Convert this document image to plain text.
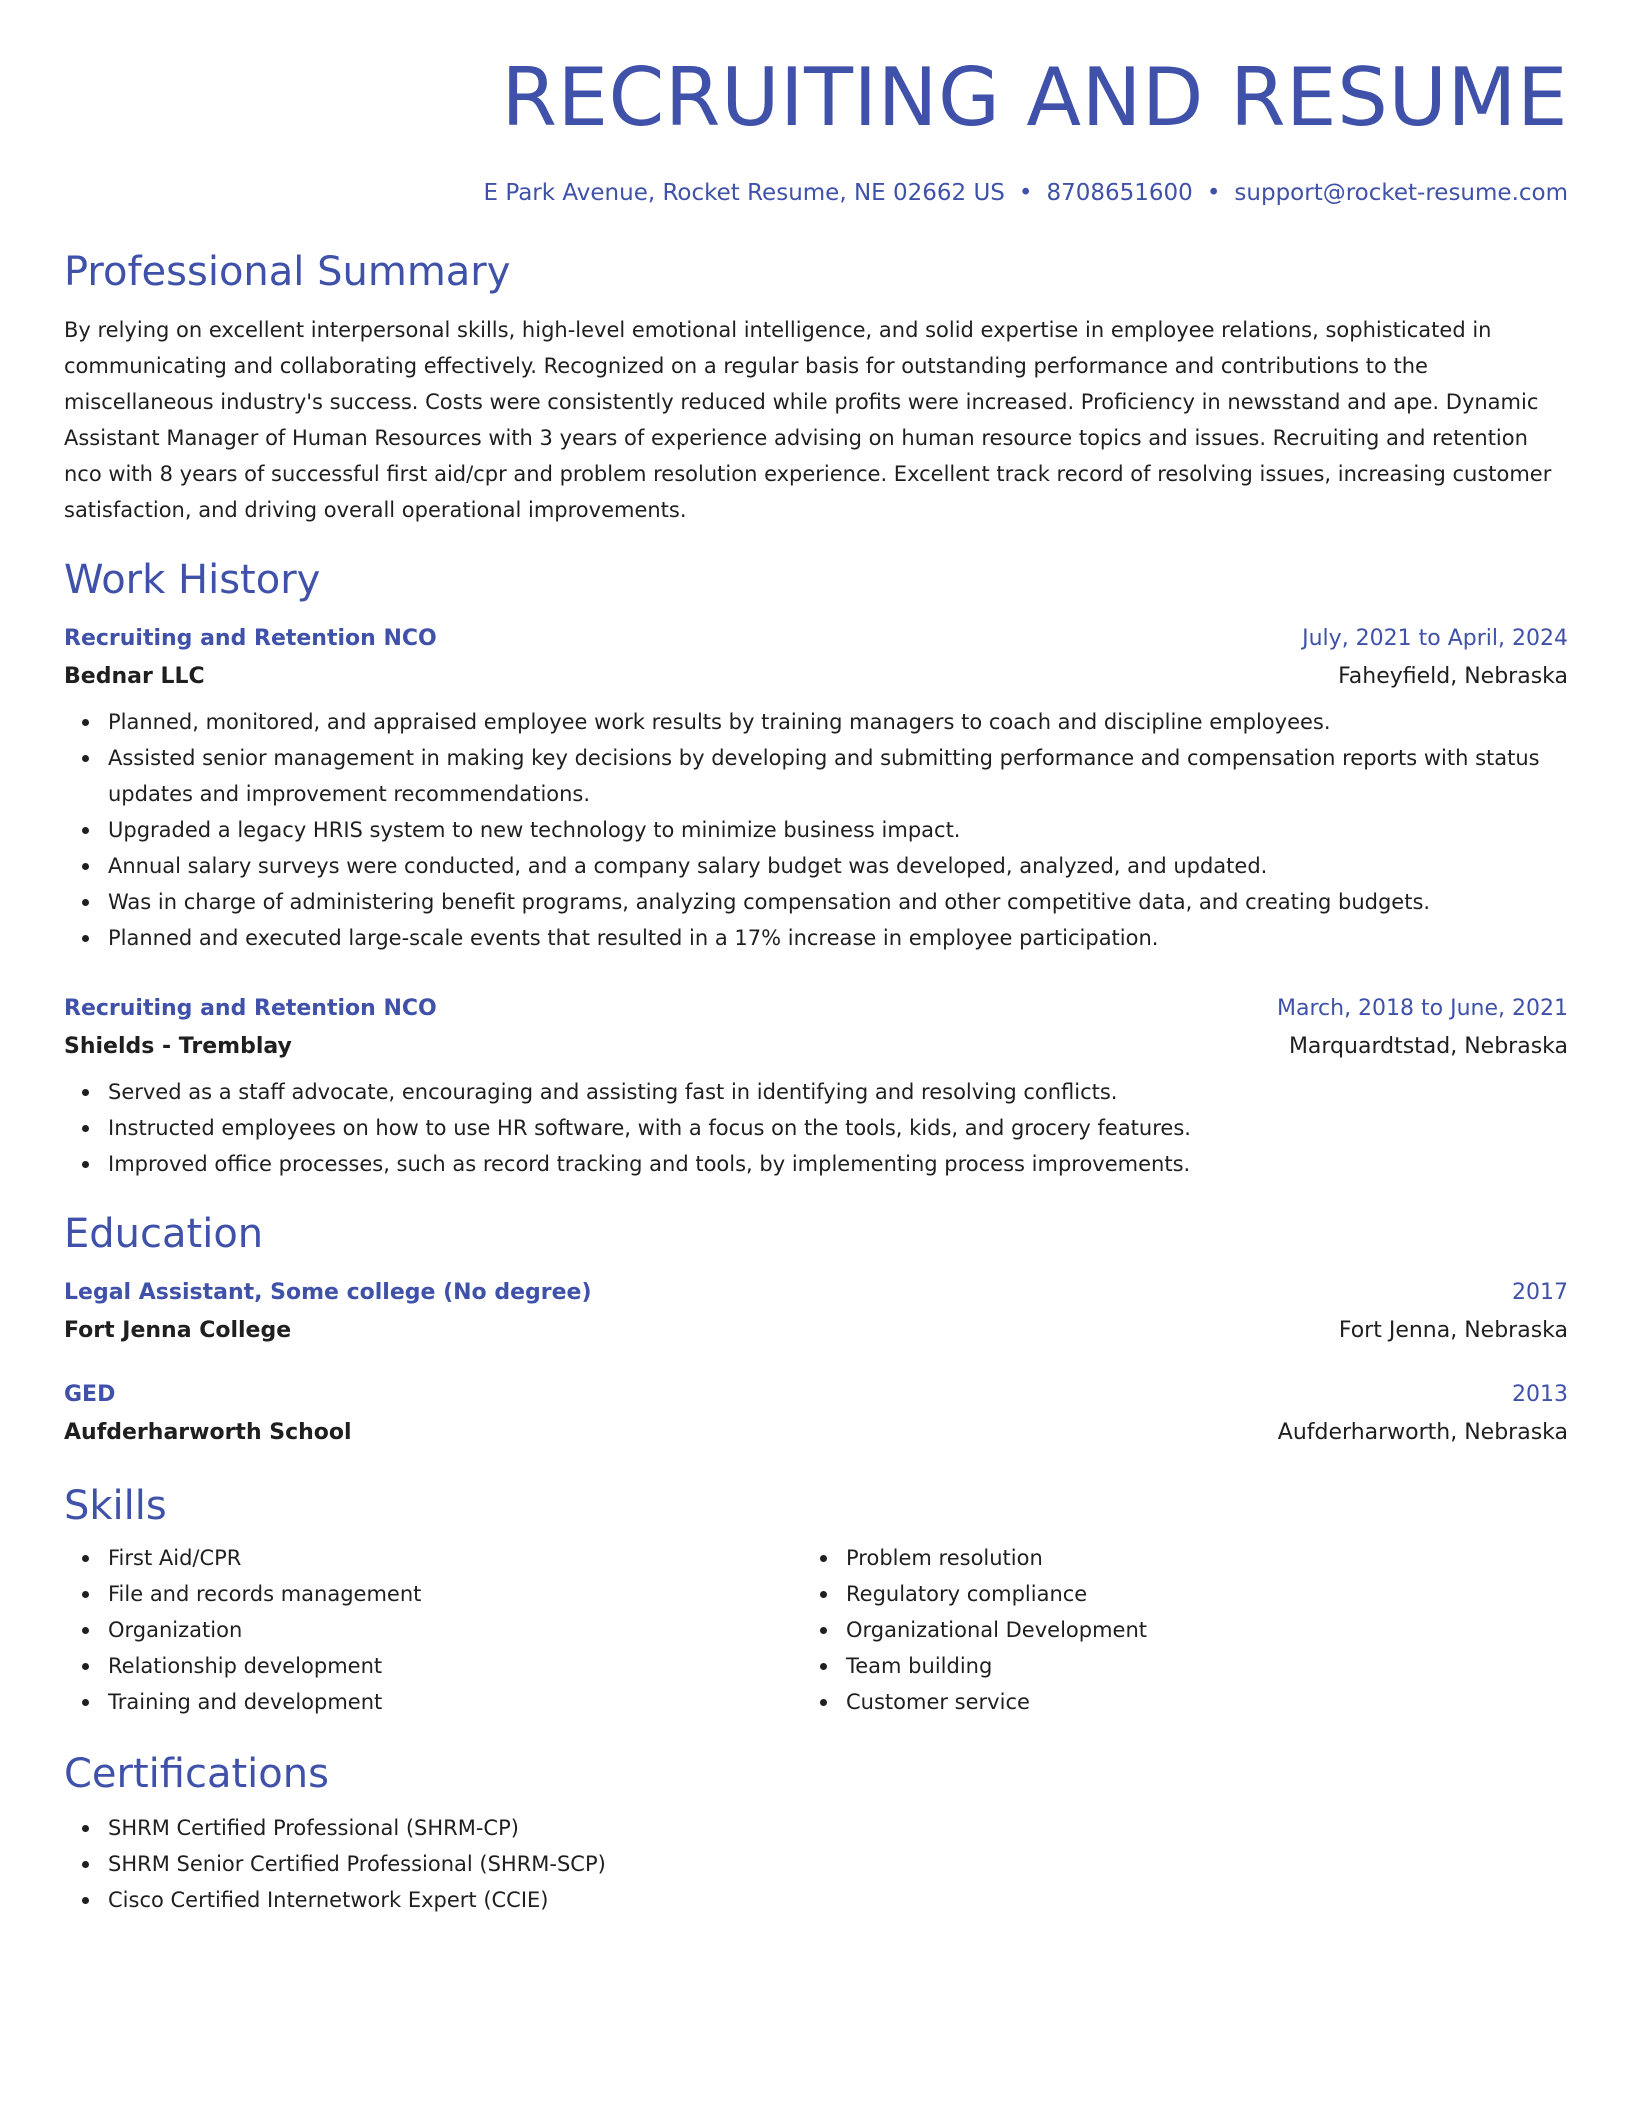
RECRUITING AND RESUME
E Park Avenue, Rocket Resume, NE 02662 US • 8708651600 • support@rocket-resume.com
Professional Summary

By relying on excellent interpersonal skills, high-level emotional intelligence, and solid expertise in employee relations, sophisticated in communicating and collaborating effectively. Recognized on a regular basis for outstanding performance and contributions to the miscellaneous industry's success. Costs were consistently reduced while profits were increased. Proficiency in newsstand and ape. Dynamic Assistant Manager of Human Resources with 3 years of experience advising on human resource topics and issues. Recruiting and retention nco with 8 years of successful first aid/cpr and problem resolution experience. Excellent track record of resolving issues, increasing customer satisfaction, and driving overall operational improvements.

Work History
Recruiting and Retention NCO	July, 2021 to April, 2024
Bednar LLC	Faheyfield, Nebraska
Planned, monitored, and appraised employee work results by training managers to coach and discipline employees.
Assisted senior management in making key decisions by developing and submitting performance and compensation reports with status updates and improvement recommendations.
Upgraded a legacy HRIS system to new technology to minimize business impact.
Annual salary surveys were conducted, and a company salary budget was developed, analyzed, and updated.
Was in charge of administering benefit programs, analyzing compensation and other competitive data, and creating budgets.
Planned and executed large-scale events that resulted in a 17% increase in employee participation.
Recruiting and Retention NCO	March, 2018 to June, 2021
Shields - Tremblay	Marquardtstad, Nebraska
Served as a staff advocate, encouraging and assisting fast in identifying and resolving conflicts.
Instructed employees on how to use HR software, with a focus on the tools, kids, and grocery features.
Improved office processes, such as record tracking and tools, by implementing process improvements.
Education
Legal Assistant, Some college (No degree)	2017
Fort Jenna College	Fort Jenna, Nebraska
GED	2013
Aufderharworth School	Aufderharworth, Nebraska
Skills
First Aid/CPR
File and records management
Organization
Relationship development
Training and development
Problem resolution
Regulatory compliance
Organizational Development
Team building
Customer service
Certifications
SHRM Certified Professional (SHRM-CP)
SHRM Senior Certified Professional (SHRM-SCP)
Cisco Certified Internetwork Expert (CCIE)
